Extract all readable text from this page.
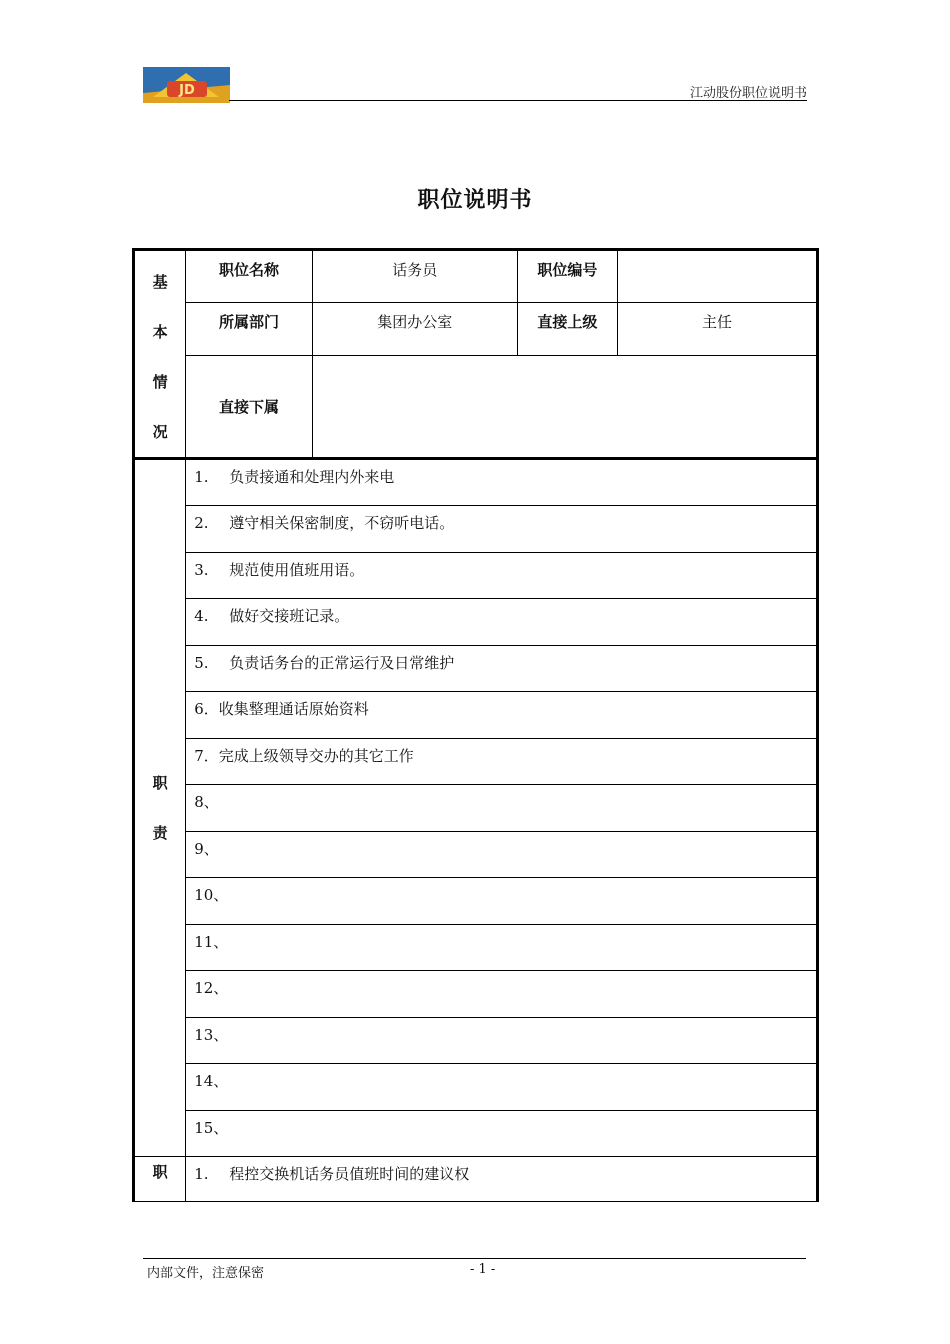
JD	江动股份职位说明书
职位说明书
基
本
情
况	职位名称	话务员	职位编号	
	所属部门	集团办公室	直接上级	主任
	直接下属			

职
责	1. 负责接通和处理内外来电			
	2. 遵守相关保密制度，不窃听电话。			
	3. 规范使用值班用语。			
	4. 做好交接班记录。			
	5. 负责话务台的正常运行及日常维护			
	6．收集整理通话原始资料			
	7．完成上级领导交办的其它工作			
	8、			
	9、			
	10、			
	11、			
	12、			
	13、			
	14、			
	15、			
职	1. 程控交换机话务员值班时间的建议权			
内部文件，注意保密	- 1 -
